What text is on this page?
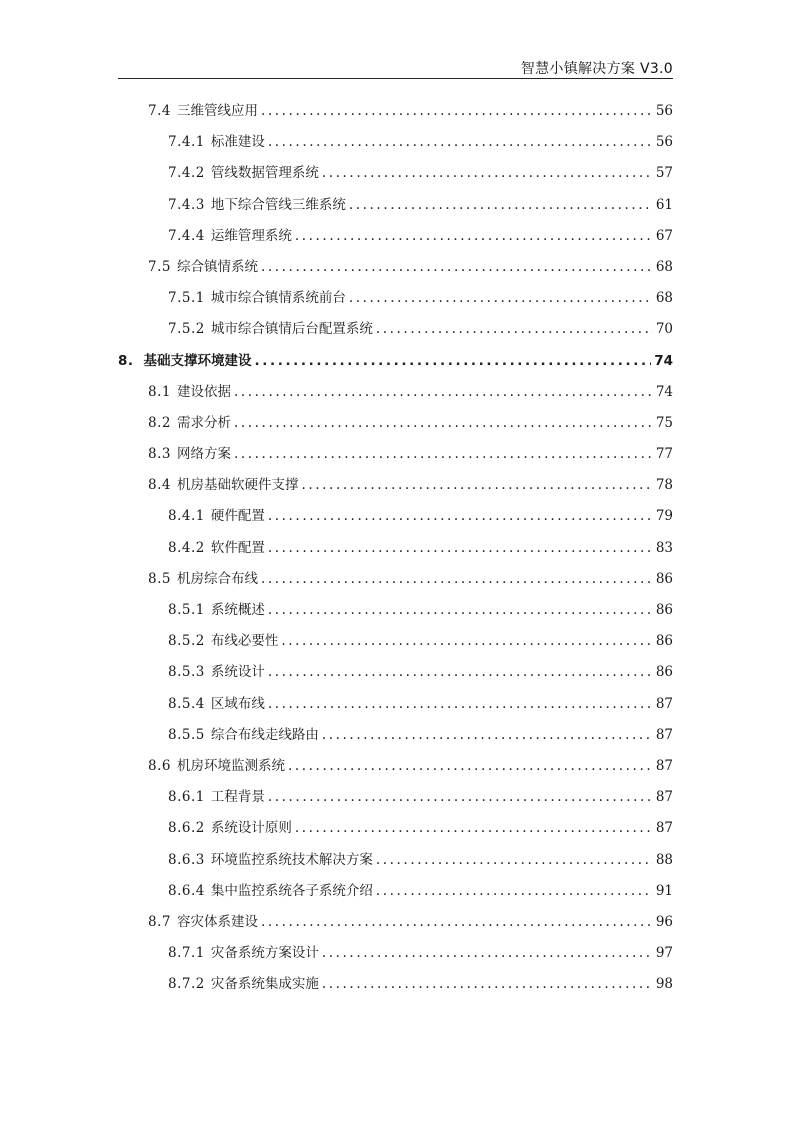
智慧小镇解决方案 V3.0
7.4 三维管线应用 .....	56
7.4.1 标准建设 .....	56
7.4.2 管线数据管理系统 .....	57
7.4.3 地下综合管线三维系统 .....	61
7.4.4 运维管理系统 .....	67
7.5 综合镇情系统 .....	68
7.5.1 城市综合镇情系统前台 .....	68
7.5.2 城市综合镇情后台配置系统 .....	70
8. 基础支撑环境建设 .....	74
8.1 建设依据 .....	74
8.2 需求分析 .....	75
8.3 网络方案 .....	77
8.4 机房基础软硬件支撑 .....	78
8.4.1 硬件配置 .....	79
8.4.2 软件配置 .....	83
8.5 机房综合布线 .....	86
8.5.1 系统概述 .....	86
8.5.2 布线必要性 .....	86
8.5.3 系统设计 .....	86
8.5.4 区域布线 .....	87
8.5.5 综合布线走线路由 .....	87
8.6 机房环境监测系统 .....	87
8.6.1 工程背景 .....	87
8.6.2 系统设计原则 .....	87
8.6.3 环境监控系统技术解决方案 .....	88
8.6.4 集中监控系统各子系统介绍 .....	91
8.7 容灾体系建设 .....	96
8.7.1 灾备系统方案设计 .....	97
8.7.2 灾备系统集成实施 .....	98
